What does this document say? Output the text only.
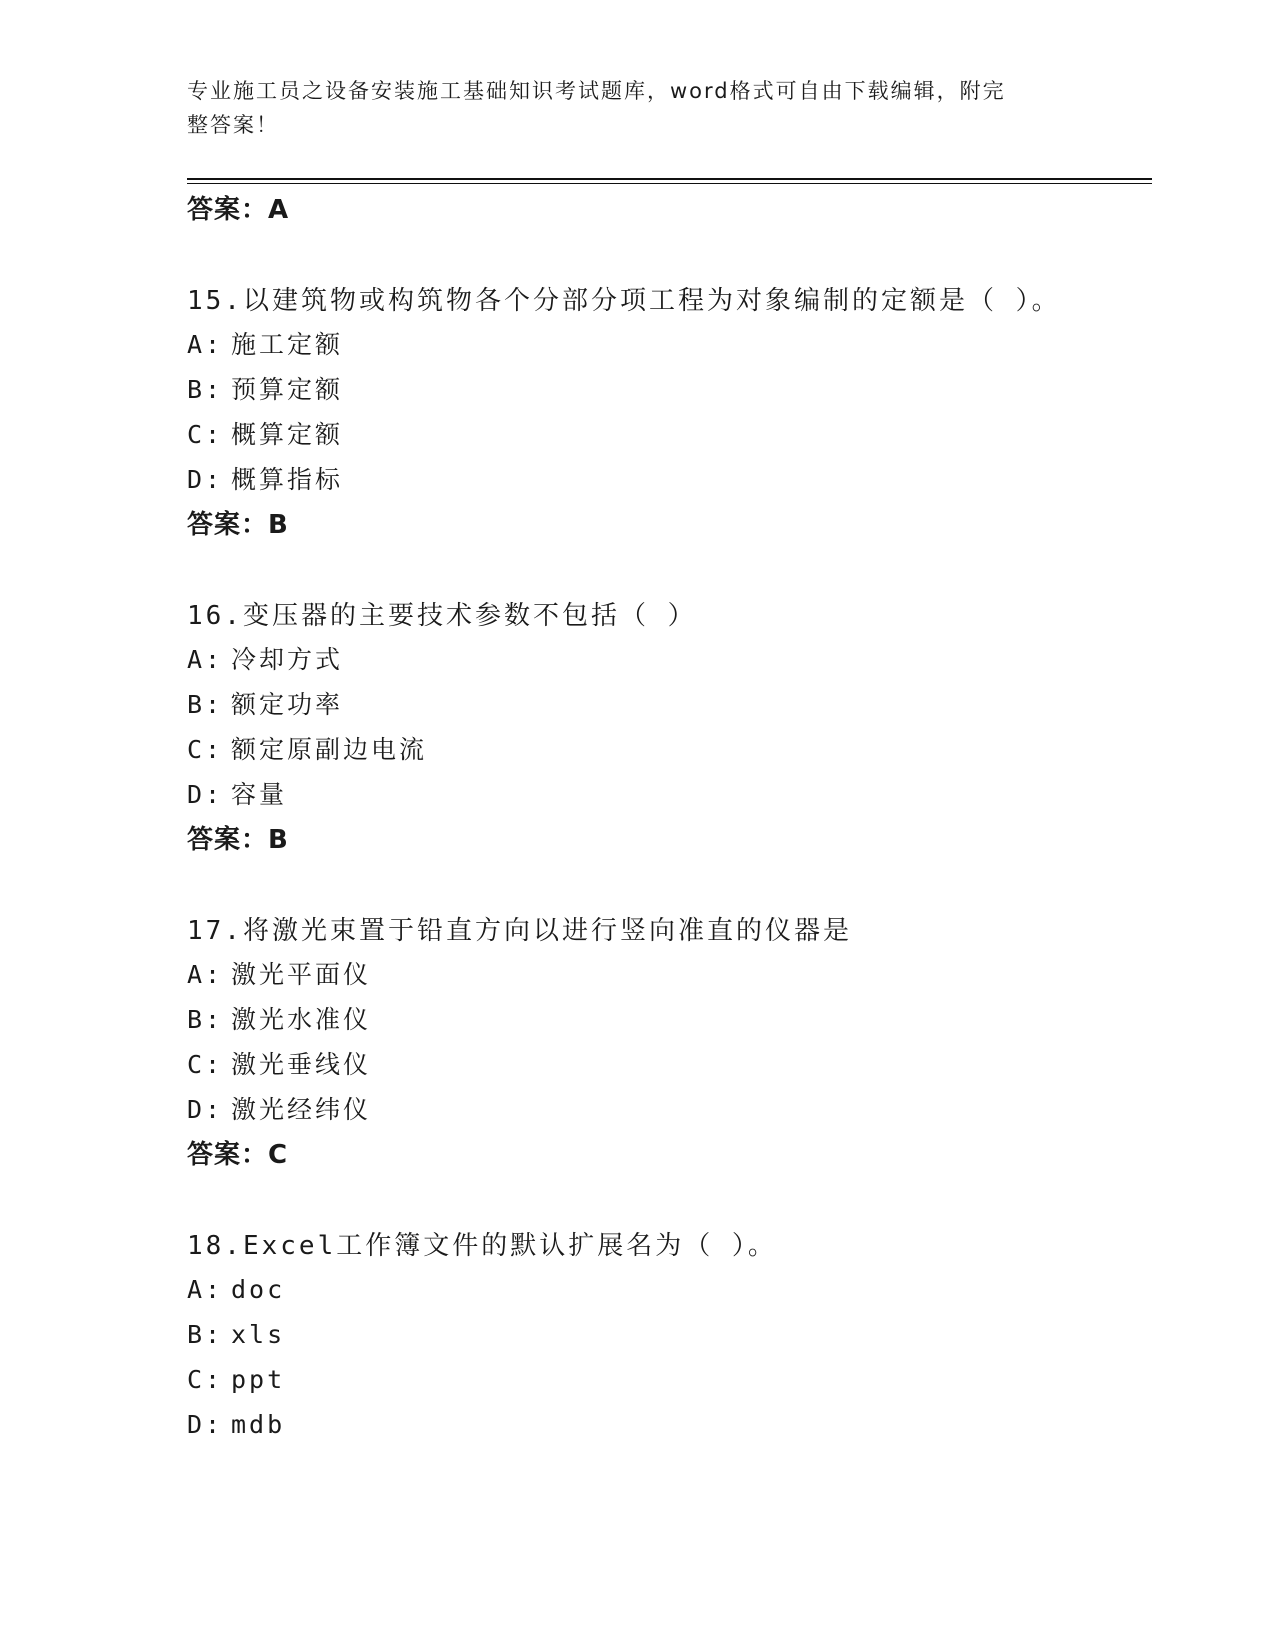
专业施工员之设备安装施工基础知识考试题库，word格式可自由下载编辑，附完
整答案！
答案：A
15.以建筑物或构筑物各个分部分项工程为对象编制的定额是（ ）。
A: 施工定额
B: 预算定额
C: 概算定额
D: 概算指标
答案：B
16.变压器的主要技术参数不包括（ ）
A: 冷却方式
B: 额定功率
C: 额定原副边电流
D: 容量
答案：B
17.将激光束置于铅直方向以进行竖向准直的仪器是
A: 激光平面仪
B: 激光水准仪
C: 激光垂线仪
D: 激光经纬仪
答案：C
18.Excel工作簿文件的默认扩展名为（ ）。
A: doc
B: xls
C: ppt
D: mdb
